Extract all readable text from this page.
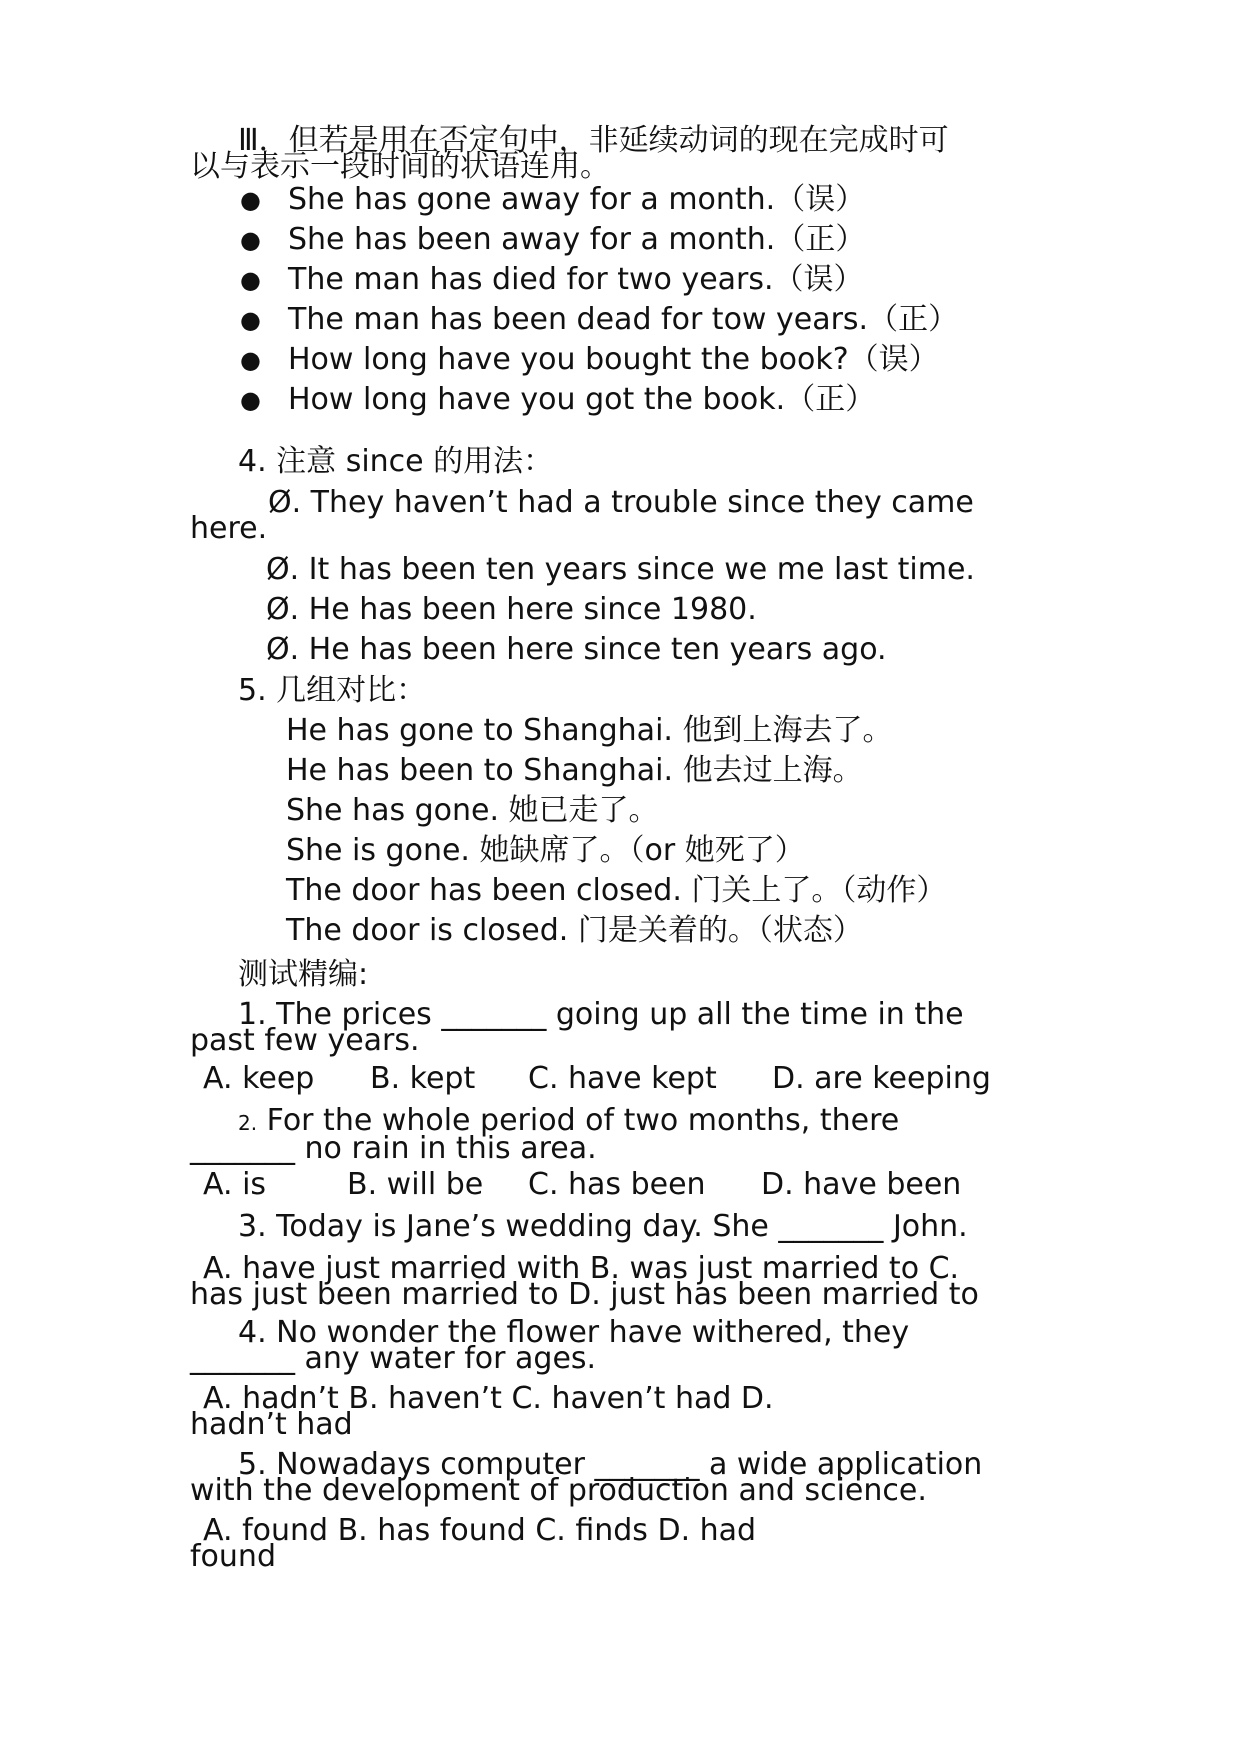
Ⅲ．但若是用在否定句中，非延续动词的现在完成时可
以与表示一段时间的状语连用。
● She has gone away for a month.（误）
● She has been away for a month.（正）
● The man has died for two years.（误）
● The man has been dead for tow years.（正）
● How long have you bought the book?（误）
● How long have you got the book.（正）
4. 注意 since 的用法：
Ø. They haven’t had a trouble since they came
here.
Ø. It has been ten years since we me last time.
Ø. He has been here since 1980.
Ø. He has been here since ten years ago.
5. 几组对比：
He has gone to Shanghai. 他到上海去了。
He has been to Shanghai. 他去过上海。
She has gone. 她已走了。
She is gone. 她缺席了。（or 她死了）
The door has been closed. 门关上了。（动作）
The door is closed. 门是关着的。（状态）
测试精编:
1. The prices _______ going up all the time in the
past few years.
A. keep B. kept C. have kept D. are keeping
2. For the whole period of two months, there
_______ no rain in this area.
A. is	B. will be C. has been D. have been
3. Today is Jane’s wedding day. She _______ John.
A. have just married with B. was just married to C.
has just been married to D. just has been married to
4. No wonder the flower have withered, they
_______ any water for ages.
A. hadn’t B. haven’t C. haven’t had D.
hadn’t had
5. Nowadays computer _______ a wide application
with the development of production and science.
A. found B. has found C. finds D. had
found
